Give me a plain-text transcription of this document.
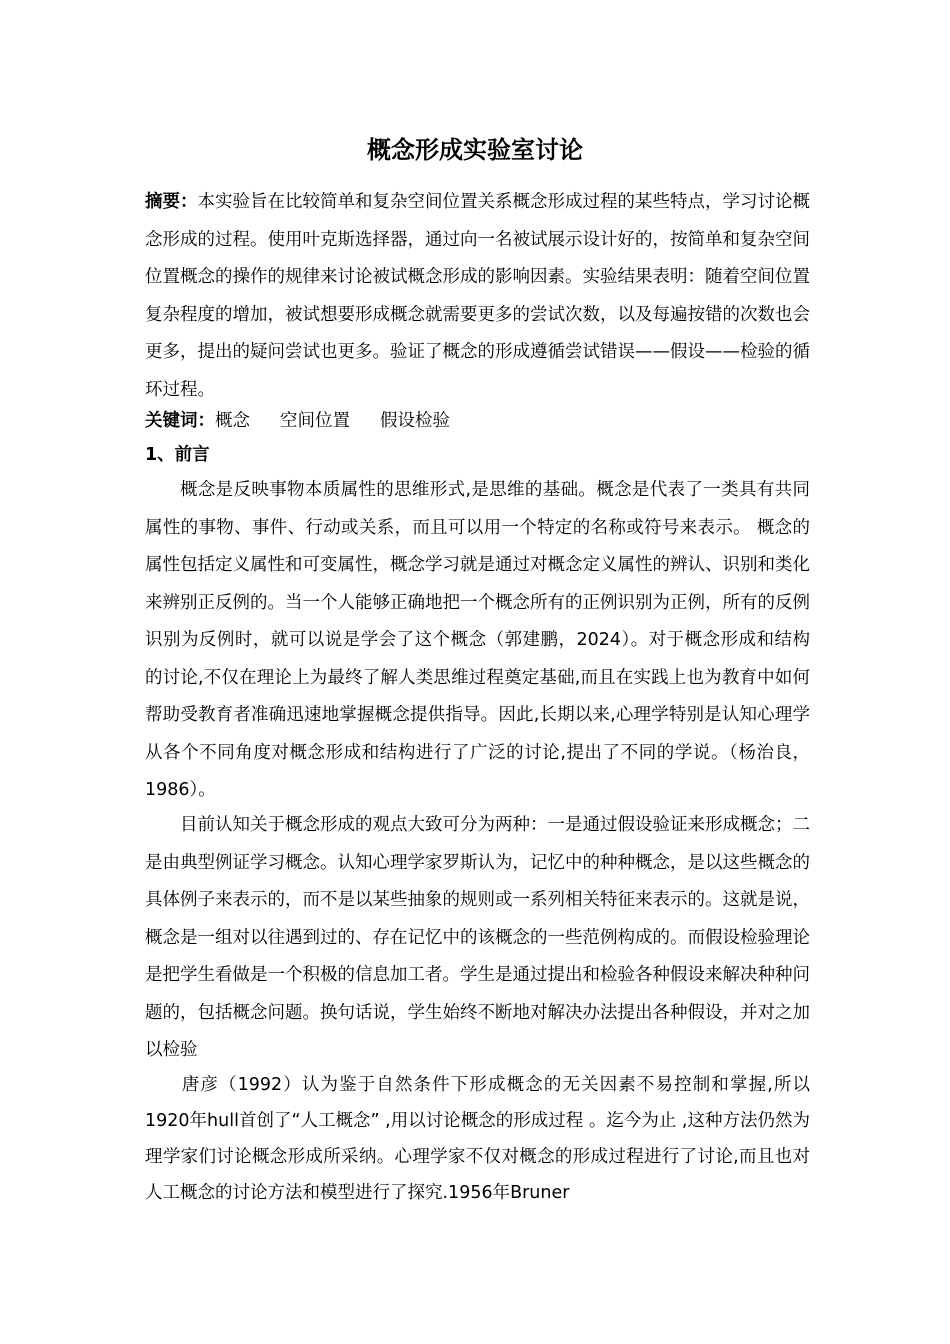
概念形成实验室讨论
摘要：本实验旨在比较简单和复杂空间位置关系概念形成过程的某些特点，学习讨论概念形成的过程。使用叶克斯选择器，通过向一名被试展示设计好的，按简单和复杂空间位置概念的操作的规律来讨论被试概念形成的影响因素。实验结果表明：随着空间位置复杂程度的增加，被试想要形成概念就需要更多的尝试次数，以及每遍按错的次数也会更多，提出的疑问尝试也更多。验证了概念的形成遵循尝试错误——假设——检验的循环过程。
关键词：概念 空间位置 假设检验
1、前言
概念是反映事物本质属性的思维形式,是思维的基础。概念是代表了一类具有共同属性的事物、事件、行动或关系，而且可以用一个特定的名称或符号来表示。 概念的属性包括定义属性和可变属性，概念学习就是通过对概念定义属性的辨认、识别和类化来辨别正反例的。当一个人能够正确地把一个概念所有的正例识别为正例，所有的反例识别为反例时，就可以说是学会了这个概念（郭建鹏，2024）。对于概念形成和结构的讨论,不仅在理论上为最终了解人类思维过程奠定基础,而且在实践上也为教育中如何帮助受教育者准确迅速地掌握概念提供指导。因此,长期以来,心理学特别是认知心理学从各个不同角度对概念形成和结构进行了广泛的讨论,提出了不同的学说。（杨治良，1986）。
目前认知关于概念形成的观点大致可分为两种：一是通过假设验证来形成概念；二是由典型例证学习概念。认知心理学家罗斯认为，记忆中的种种概念，是以这些概念的具体例子来表示的，而不是以某些抽象的规则或一系列相关特征来表示的。这就是说，概念是一组对以往遇到过的、存在记忆中的该概念的一些范例构成的。而假设检验理论是把学生看做是一个积极的信息加工者。学生是通过提出和检验各种假设来解决种种问题的，包括概念问题。换句话说，学生始终不断地对解决办法提出各种假设，并对之加以检验
唐彦（1992）认为鉴于自然条件下形成概念的无关因素不易控制和掌握,所以1920年hull首创了“人工概念” ,用以讨论概念的形成过程 。迄今为止 ,这种方法仍然为理学家们讨论概念形成所采纳。心理学家不仅对概念的形成过程进行了讨论,而且也对人工概念的讨论方法和模型进行了探究.1956年Bruner
